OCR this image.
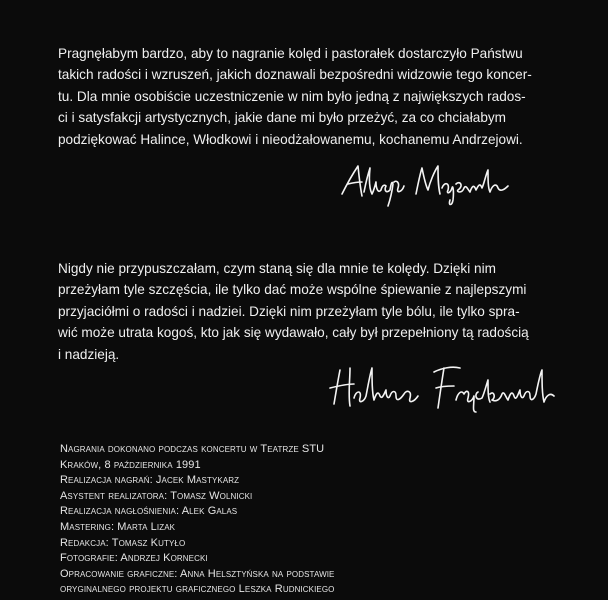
Pragnęłabym bardzo, aby to nagranie kolęd i pastorałek dostarczyło Państwu
takich radości i wzruszeń, jakich doznawali bezpośredni widzowie tego koncer-
tu. Dla mnie osobiście uczestniczenie w nim było jedną z największych rados-
ci i satysfakcji artystycznych, jakie dane mi było przeżyć, za co chciałabym
podziękować Halince, Włodkowi i nieodżałowanemu, kochanemu Andrzejowi.
Nigdy nie przypuszczałam, czym staną się dla mnie te kolędy. Dzięki nim
przeżyłam tyle szczęścia, ile tylko dać może wspólne śpiewanie z najlepszymi
przyjaciółmi o radości i nadziei. Dzięki nim przeżyłam tyle bólu, ile tylko spra-
wić może utrata kogoś, kto jak się wydawało, cały był przepełniony tą radością
i nadzieją.
Nagrania dokonano podczas koncertu w Teatrze STU
Kraków, 8 października 1991
Realizacja nagrań: Jacek Mastykarz
Asystent realizatora: Tomasz Wolnicki
Realizacja nagłośnienia: Alek Galas
Mastering: Marta Lizak
Redakcja: Tomasz Kutyło
Fotografie: Andrzej Kornecki
Opracowanie graficzne: Anna Helsztyńska na podstawie
oryginalnego projektu graficznego Leszka Rudnickiego
